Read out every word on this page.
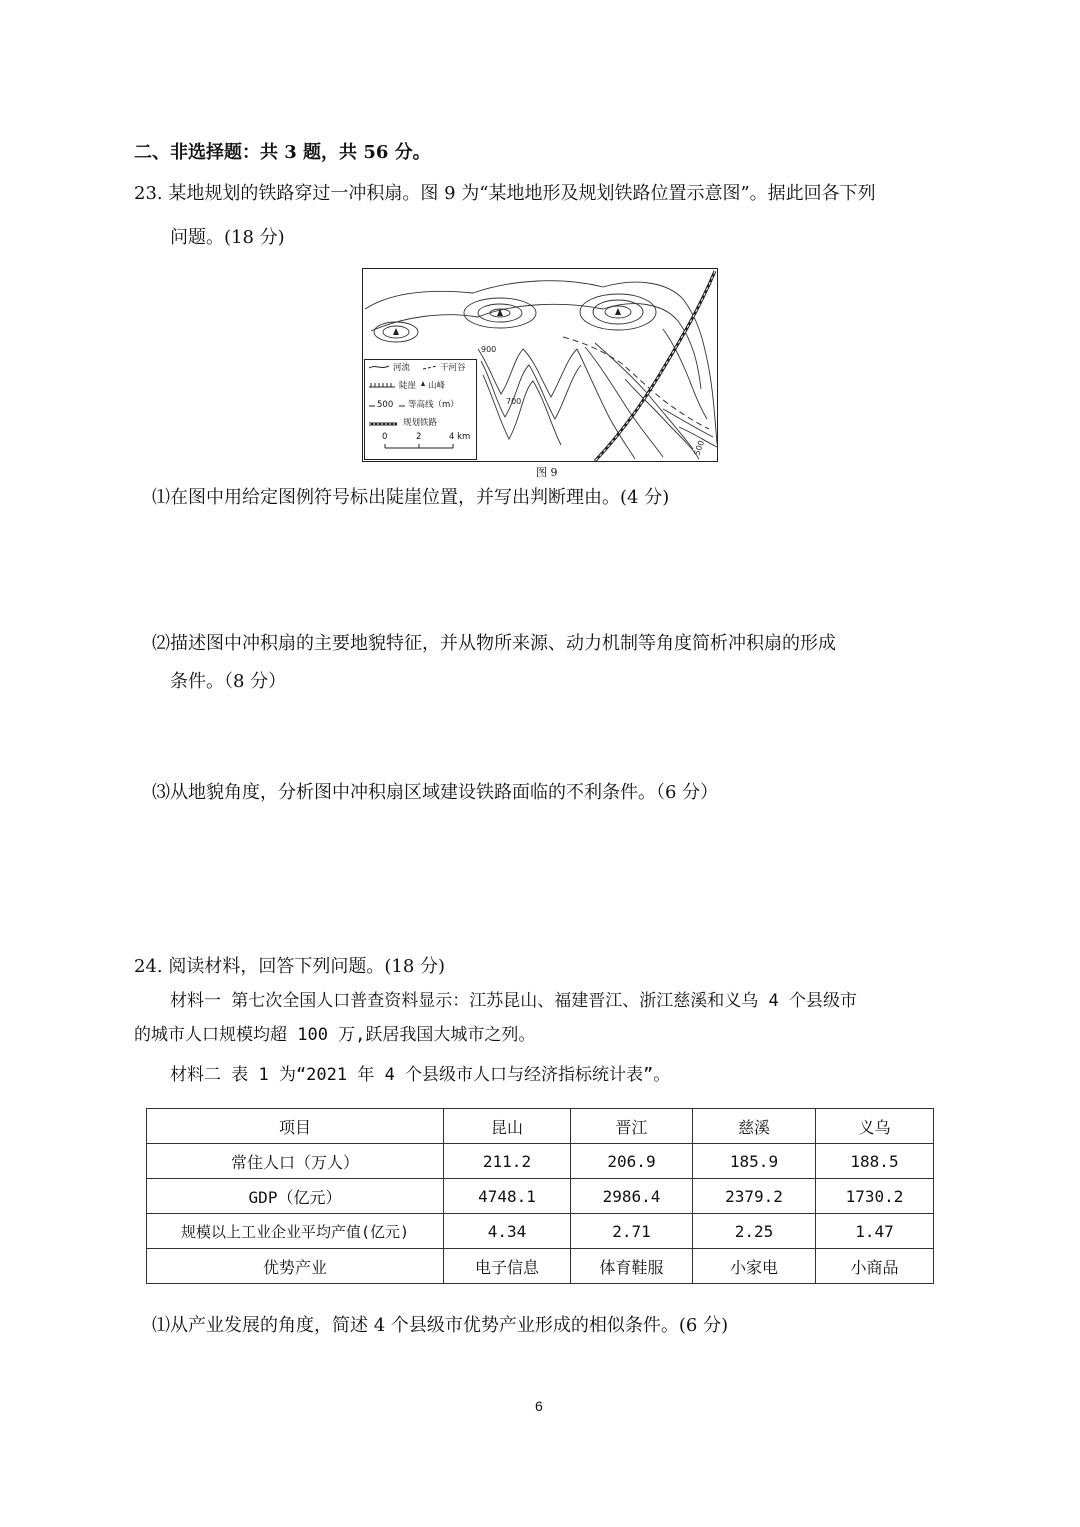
二、非选择题：共 3 题，共 56 分。
23. 某地规划的铁路穿过一冲积扇。图 9 为“某地地形及规划铁路位置示意图”。据此回各下列
问题。(18 分)
900
700
500
河流	干河谷
陡崖 山峰
500 等高线（m）
规划铁路
0	2	4 km
图 9
⑴在图中用给定图例符号标出陡崖位置，并写出判断理由。(4 分)
⑵描述图中冲积扇的主要地貌特征，并从物所来源、动力机制等角度简析冲积扇的形成
条件。（8 分）
⑶从地貌角度，分析图中冲积扇区域建设铁路面临的不利条件。（6 分）
24. 阅读材料，回答下列问题。(18 分)
材料一 第七次全国人口普查资料显示：江苏昆山、福建晋江、浙江慈溪和义乌 4 个县级市
的城市人口规模均超 100 万,跃居我国大城市之列。
材料二 表 1 为“2021 年 4 个县级市人口与经济指标统计表”。
项目	昆山	晋江	慈溪	义乌
常住人口（万人）	211.2	206.9	185.9	188.5
GDP（亿元）	4748.1	2986.4	2379.2	1730.2
规模以上工业企业平均产值(亿元)	4.34	2.71	2.25	1.47
优势产业	电子信息	体育鞋服	小家电	小商品
⑴从产业发展的角度，简述 4 个县级市优势产业形成的相似条件。(6 分)
6
